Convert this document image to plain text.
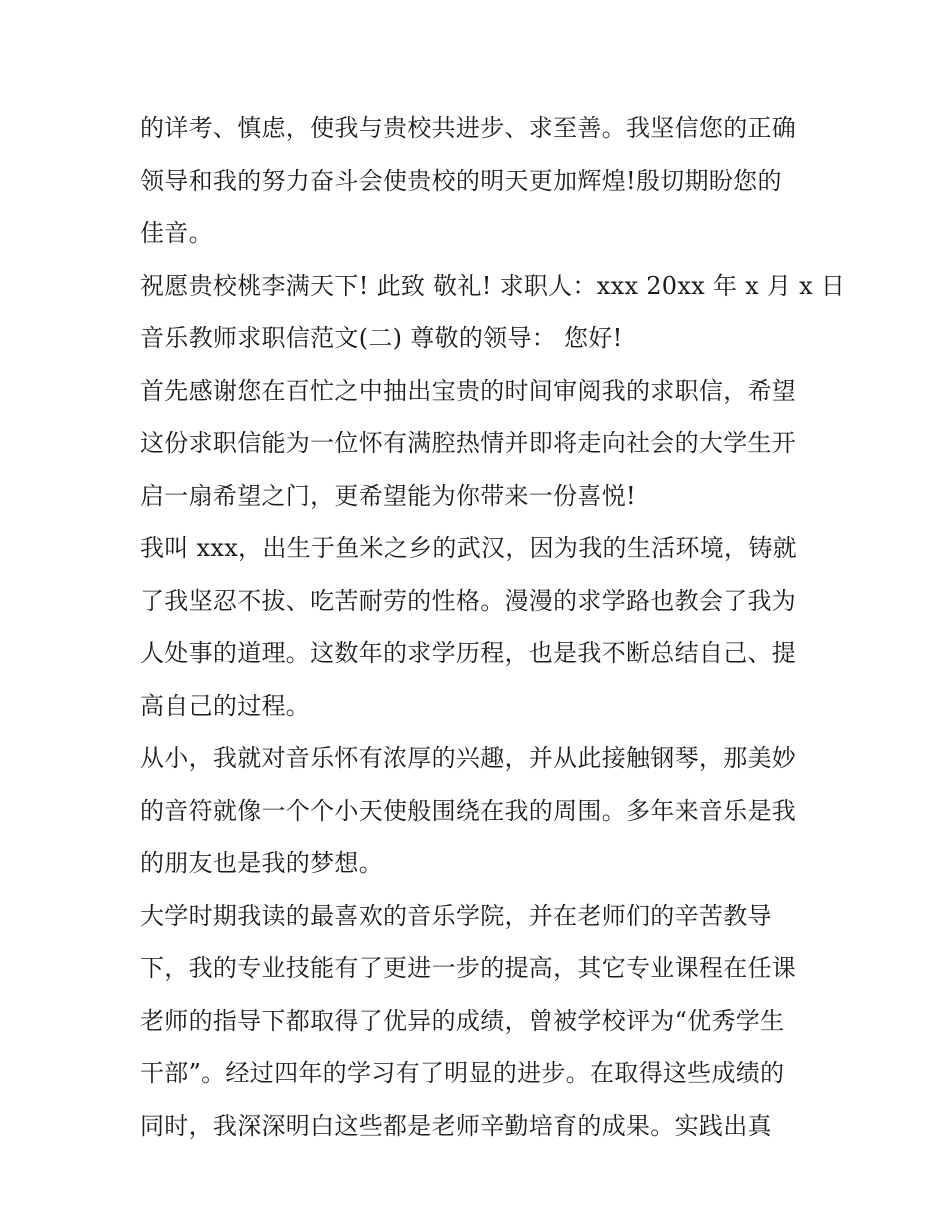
的详考、慎虑，使我与贵校共进步、求至善。我坚信您的正确
领导和我的努力奋斗会使贵校的明天更加辉煌!殷切期盼您的
佳音。
祝愿贵校桃李满天下! 此致 敬礼! 求职人：xxx 20xx 年 x 月 x 日
音乐教师求职信范文(二) 尊敬的领导： 您好!
首先感谢您在百忙之中抽出宝贵的时间审阅我的求职信，希望
这份求职信能为一位怀有满腔热情并即将走向社会的大学生开
启一扇希望之门，更希望能为你带来一份喜悦!
我叫 xxx，出生于鱼米之乡的武汉，因为我的生活环境，铸就
了我坚忍不拔、吃苦耐劳的性格。漫漫的求学路也教会了我为
人处事的道理。这数年的求学历程，也是我不断总结自己、提
高自己的过程。
从小，我就对音乐怀有浓厚的兴趣，并从此接触钢琴，那美妙
的音符就像一个个小天使般围绕在我的周围。多年来音乐是我
的朋友也是我的梦想。
大学时期我读的最喜欢的音乐学院，并在老师们的辛苦教导
下，我的专业技能有了更进一步的提高，其它专业课程在任课
老师的指导下都取得了优异的成绩，曾被学校评为“优秀学生
干部”。经过四年的学习有了明显的进步。在取得这些成绩的
同时，我深深明白这些都是老师辛勤培育的成果。实践出真
